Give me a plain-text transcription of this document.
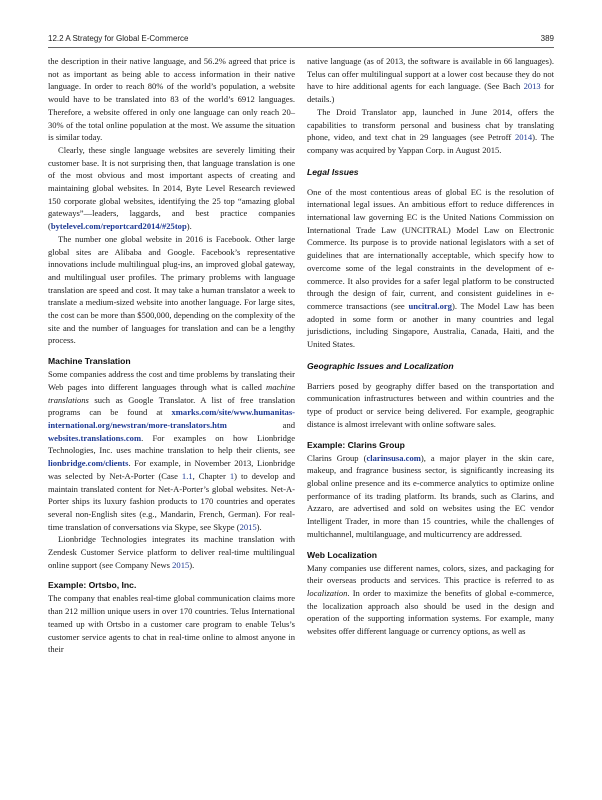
12.2 A Strategy for Global E-Commerce	389

the description in their native language, and 56.2% agreed that price is not as important as being able to access information in their native language. In order to reach 80% of the world’s population, a website would have to be translated into 83 of the world’s 6912 languages. Therefore, a website offered in only one language can only reach 20–30% of the total online population at the most. We assume the situation is similar today.

Clearly, these single language websites are severely limiting their customer base. It is not surprising then, that language translation is one of the most obvious and most important aspects of creating and maintaining global websites. In 2014, Byte Level Research reviewed 150 corporate global websites, identifying the 25 top “amazing global gateways”—leaders, laggards, and best practice companies (bytelevel.com/reportcard2014/#25top).

The number one global website in 2016 is Facebook. Other large global sites are Alibaba and Google. Facebook’s representative innovations include multilingual plug-ins, an improved global gateway, and multilingual user profiles. The primary problems with language translation are speed and cost. It may take a human translator a week to translate a medium-sized website into another language. For large sites, the cost can be more than $500,000, depending on the complexity of the site and the number of languages for translation and can be a lengthy process.

Machine Translation

Some companies address the cost and time problems by translating their Web pages into different languages through what is called machine translations such as Google Translator. A list of free translation programs can be found at xmarks.com/site/www.humanitas-international.org/newstran/more-translators.htm and websites.translations.com. For examples on how Lionbridge Technologies, Inc. uses machine translation to help their clients, see lionbridge.com/clients. For example, in November 2013, Lionbridge was selected by Net-A-Porter (Case 1.1, Chapter 1) to develop and maintain translated content for Net-A-Porter’s global websites. Net-A-Porter ships its luxury fashion products to 170 countries and operates several non-English sites (e.g., Mandarin, French, German). For real-time translation of conversations via Skype, see Skype (2015).

Lionbridge Technologies integrates its machine translation with Zendesk Customer Service platform to deliver real-time multilingual online support (see Company News 2015).

Example: Ortsbo, Inc.

The company that enables real-time global communication claims more than 212 million unique users in over 170 countries. Telus International teamed up with Ortsbo in a customer care program to enable Telus’s customer service agents to chat in real-time online to almost anyone in their

native language (as of 2013, the software is available in 66 languages). Telus can offer multilingual support at a lower cost because they do not have to hire additional agents for each language. (See Bach 2013 for details.)

The Droid Translator app, launched in June 2014, offers the capabilities to transform personal and business chat by translating phone, video, and text chat in 29 languages (see Petroff 2014). The company was acquired by Yappan Corp. in August 2015.

Legal Issues

One of the most contentious areas of global EC is the resolution of international legal issues. An ambitious effort to reduce differences in international law governing EC is the United Nations Commission on International Trade Law (UNCITRAL) Model Law on Electronic Commerce. Its purpose is to provide national legislators with a set of guidelines that are internationally acceptable, which specify how to overcome some of the legal constraints in the development of e-commerce. It also provides for a safer legal platform to be constructed through the design of fair, current, and consistent guidelines in e-commerce transactions (see uncitral.org). The Model Law has been adopted in some form or another in many countries and legal jurisdictions, including Singapore, Australia, Canada, Haiti, and the United States.

Geographic Issues and Localization

Barriers posed by geography differ based on the transportation and communication infrastructures between and within countries and the type of product or service being delivered. For example, geographic distance is almost irrelevant with online software sales.

Example: Clarins Group

Clarins Group (clarinsusa.com), a major player in the skin care, makeup, and fragrance business sector, is significantly increasing its global online presence and its e-commerce analytics to optimize online performance of its trading platform. Its brands, such as Clarins, and Azzaro, are advertised and sold on websites using the EC vendor Intelligent Trader, in more than 15 countries, while the challenges of multichannel, multilanguage, and multicurrency are addressed.

Web Localization

Many companies use different names, colors, sizes, and packaging for their overseas products and services. This practice is referred to as localization. In order to maximize the benefits of global e-commerce, the localization approach also should be used in the design and operation of the supporting information systems. For example, many websites offer different language or currency options, as well as
